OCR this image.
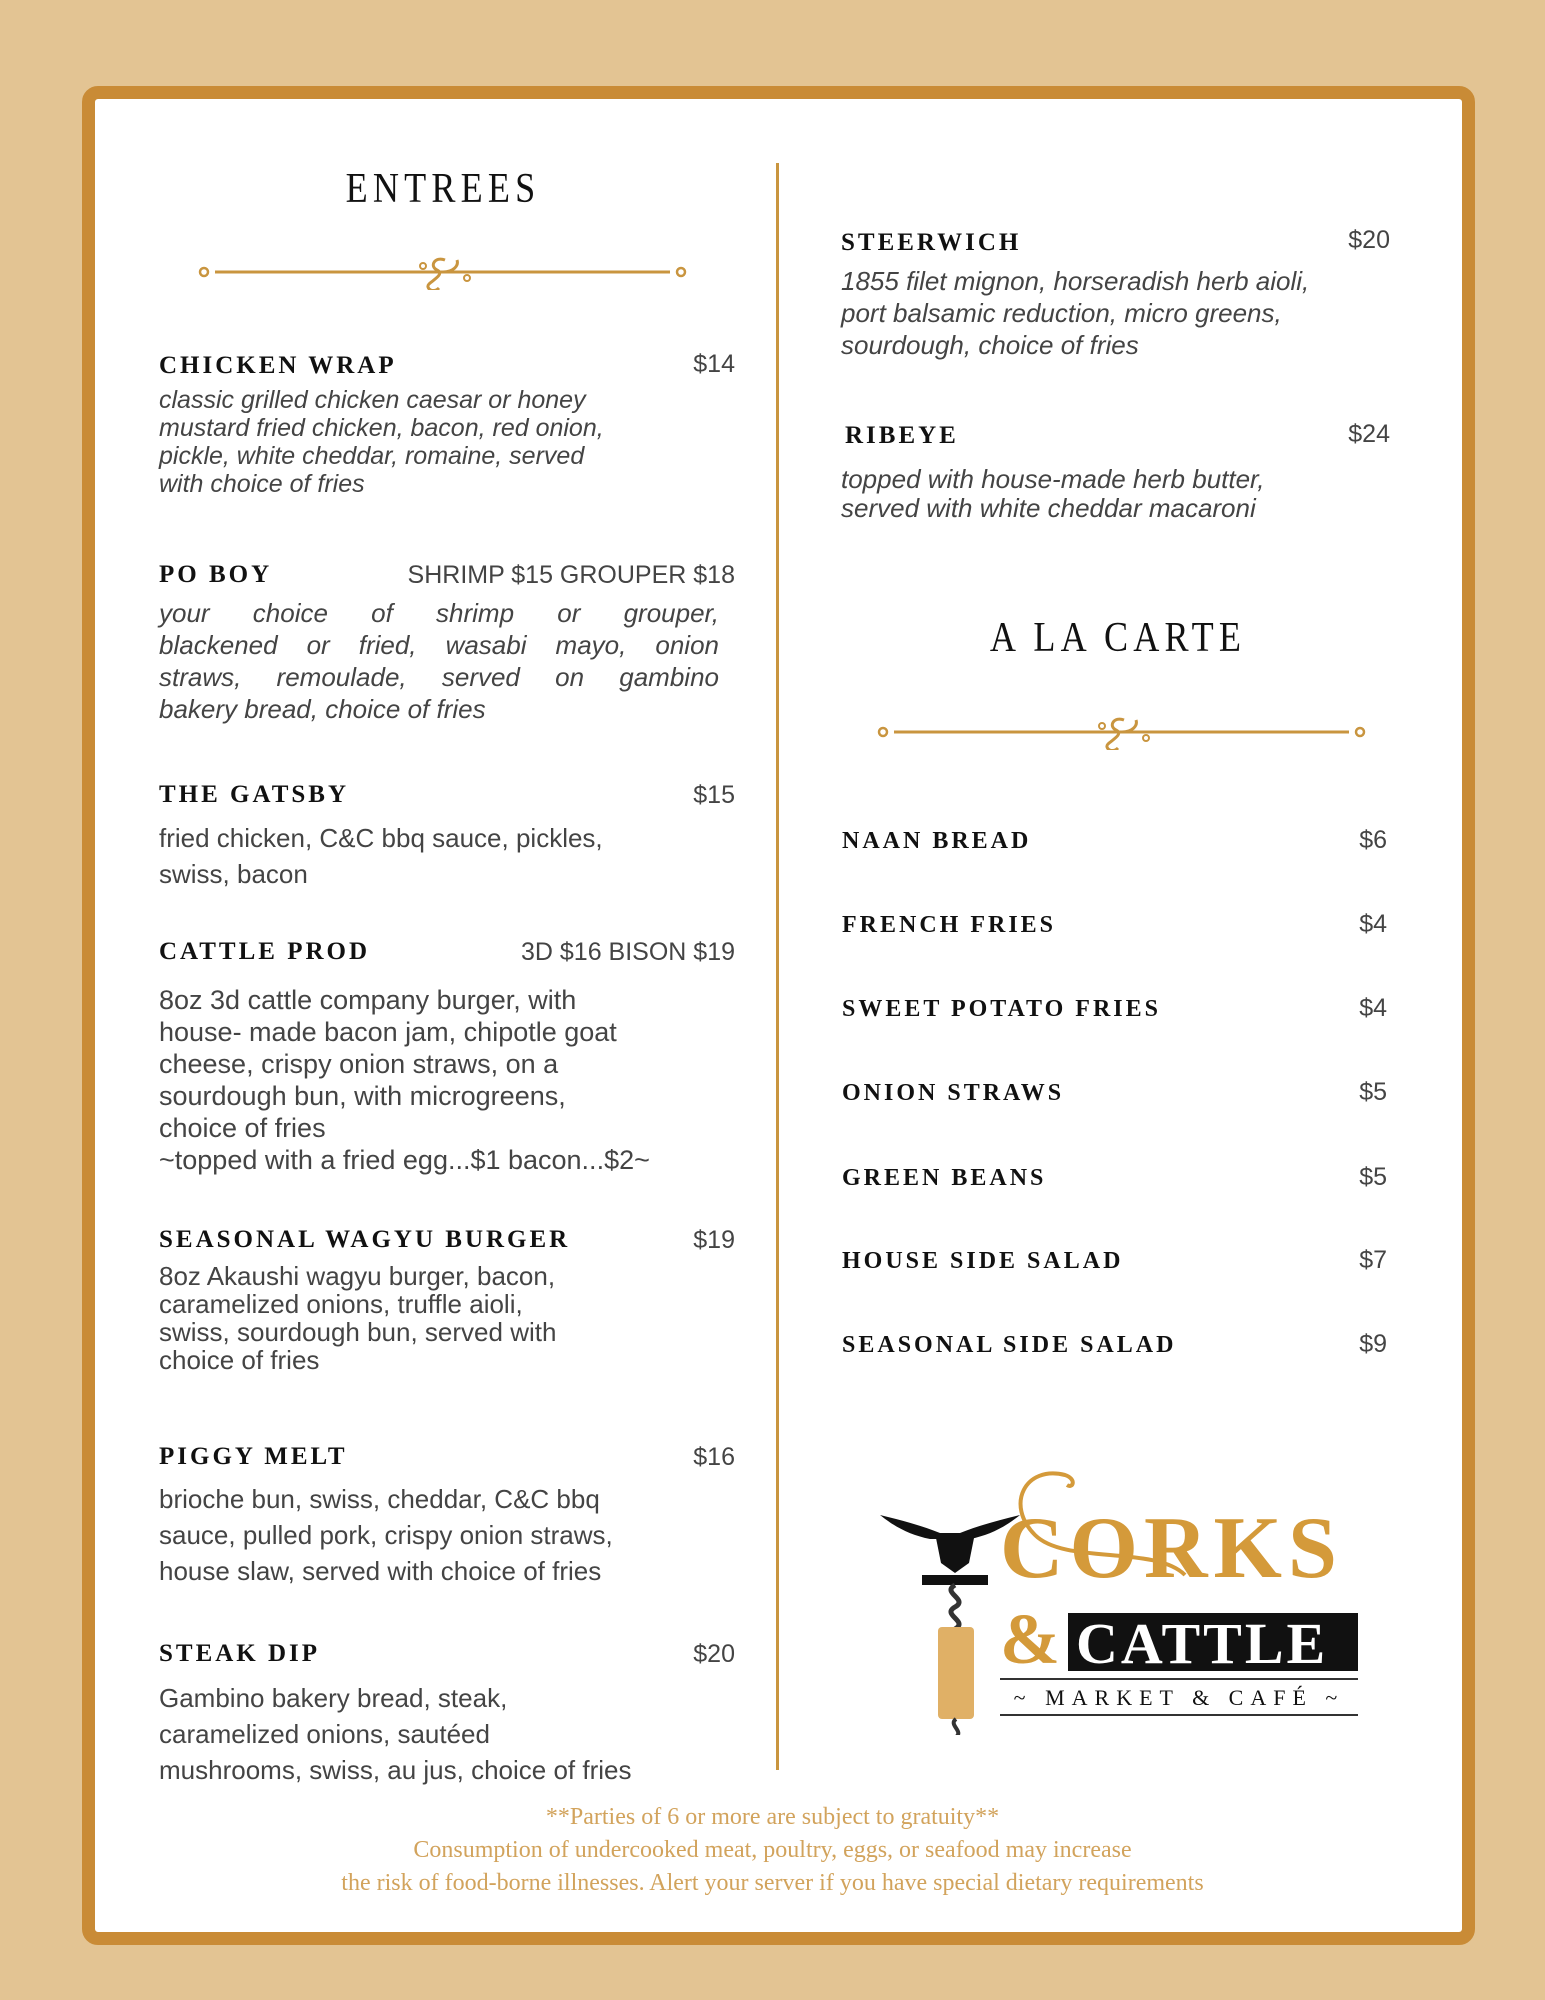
ENTREES
CHICKEN WRAP	$14
classic grilled chicken caesar or honey
mustard fried chicken, bacon, red onion,
pickle, white cheddar, romaine, served
with choice of fries
PO BOY	SHRIMP $15 GROUPER $18
your choice of shrimp or grouper,
blackened or fried, wasabi mayo, onion
straws, remoulade, served on gambino
bakery bread, choice of fries
THE GATSBY	$15
fried chicken, C&C bbq sauce, pickles,
swiss, bacon
CATTLE PROD	3D $16 BISON $19
8oz 3d cattle company burger, with
house- made bacon jam, chipotle goat
cheese, crispy onion straws, on a
sourdough bun, with microgreens,
choice of fries
~topped with a fried egg...$1 bacon...$2~
SEASONAL WAGYU BURGER	$19
8oz Akaushi wagyu burger, bacon,
caramelized onions, truffle aioli,
swiss, sourdough bun, served with
choice of fries
PIGGY MELT	$16
brioche bun, swiss, cheddar, C&C bbq
sauce, pulled pork, crispy onion straws,
house slaw, served with choice of fries
STEAK DIP	$20
Gambino bakery bread, steak,
caramelized onions, sautéed
mushrooms, swiss, au jus, choice of fries
STEERWICH	$20
1855 filet mignon, horseradish herb aioli,
port balsamic reduction, micro greens,
sourdough, choice of fries
RIBEYE	$24
topped with house-made herb butter,
served with white cheddar macaroni
A LA CARTE
NAAN BREAD	$6
FRENCH FRIES	$4
SWEET POTATO FRIES	$4
ONION STRAWS	$5
GREEN BEANS	$5
HOUSE SIDE SALAD	$7
SEASONAL SIDE SALAD	$9
CORKS
& CATTLE
~ MARKET & CAFÉ ~
**Parties of 6 or more are subject to gratuity**
Consumption of undercooked meat, poultry, eggs, or seafood may increase
the risk of food-borne illnesses. Alert your server if you have special dietary requirements
